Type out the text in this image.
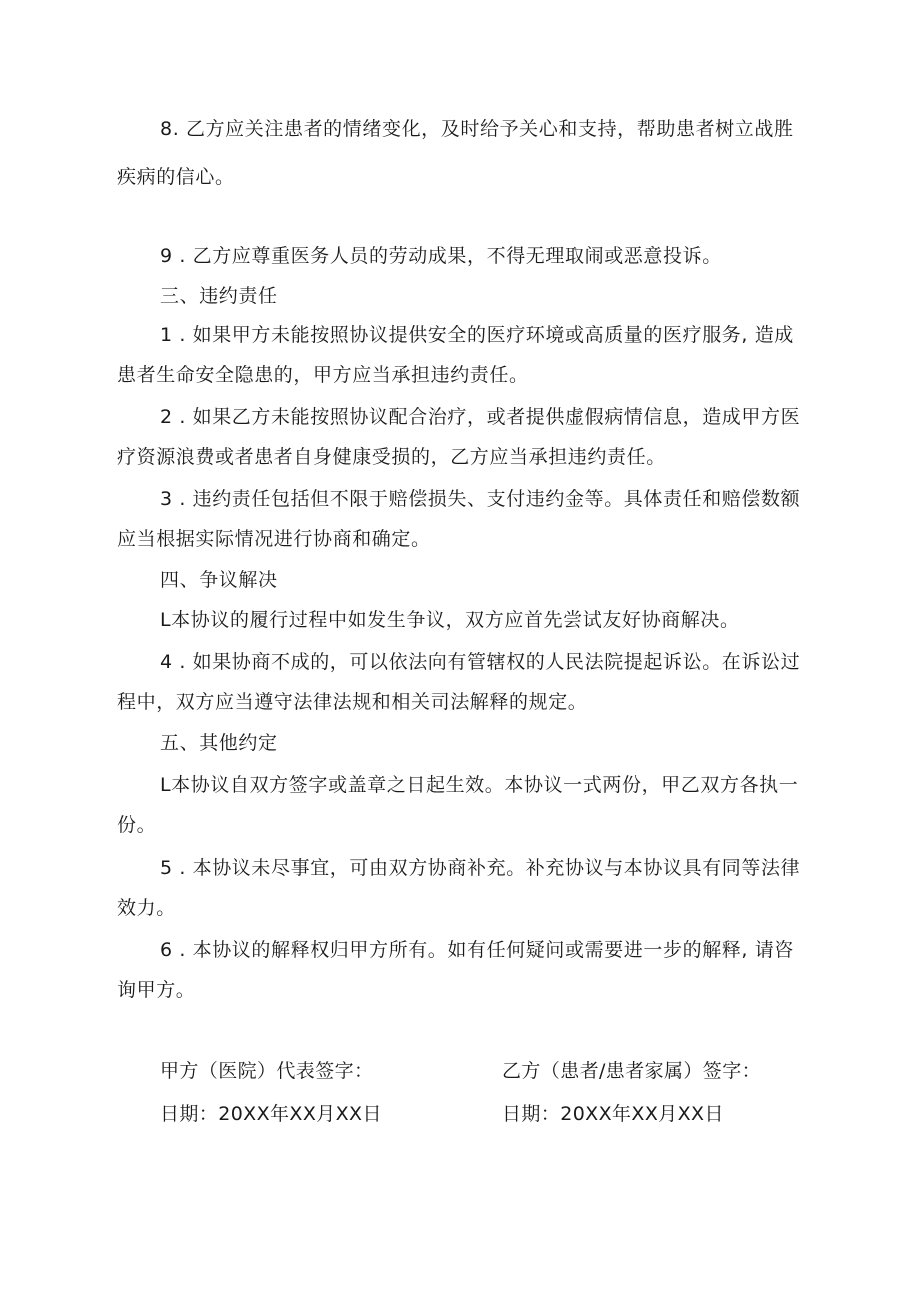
8. 乙方应关注患者的情绪变化，及时给予关心和支持，帮助患者树立战胜
疾病的信心。
9 . 乙方应尊重医务人员的劳动成果，不得无理取闹或恶意投诉。
三、违约责任
1 . 如果甲方未能按照协议提供安全的医疗环境或高质量的医疗服务, 造成
患者生命安全隐患的，甲方应当承担违约责任。
2 . 如果乙方未能按照协议配合治疗，或者提供虚假病情信息，造成甲方医
疗资源浪费或者患者自身健康受损的，乙方应当承担违约责任。
3 . 违约责任包括但不限于赔偿损失、支付违约金等。具体责任和赔偿数额
应当根据实际情况进行协商和确定。
四、争议解决
L本协议的履行过程中如发生争议，双方应首先尝试友好协商解决。
4 . 如果协商不成的，可以依法向有管辖权的人民法院提起诉讼。在诉讼过
程中，双方应当遵守法律法规和相关司法解释的规定。
五、其他约定
L本协议自双方签字或盖章之日起生效。本协议一式两份，甲乙双方各执一
份。
5 . 本协议未尽事宜，可由双方协商补充。补充协议与本协议具有同等法律
效力。
6 . 本协议的解释权归甲方所有。如有任何疑问或需要进一步的解释, 请咨
询甲方。
甲方（医院）代表签字：	乙方（患者/患者家属）签字：
日期：20XX年XX月XX日	日期：20XX年XX月XX日
